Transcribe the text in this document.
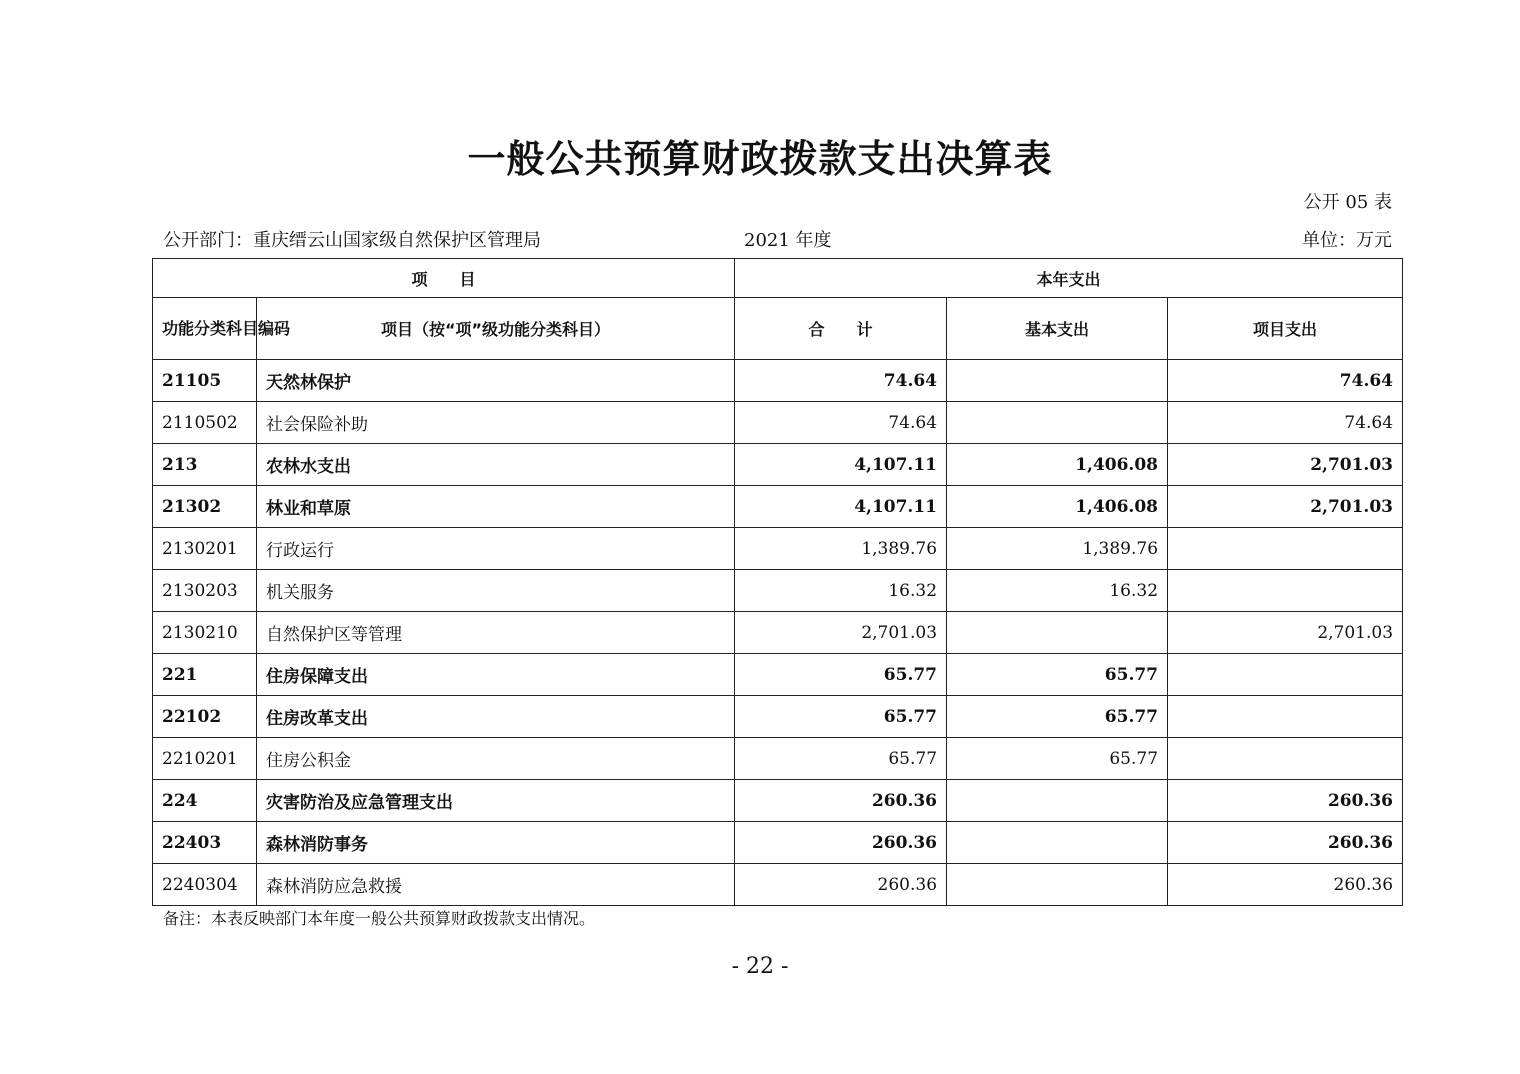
一般公共预算财政拨款支出决算表
公开 05 表
公开部门：重庆缙云山国家级自然保护区管理局	2021 年度	单位：万元
项　　目		本年支出		
功能分类科目编码	项目（按“项”级功能分类科目）	合　　计	基本支出	项目支出
21105	天然林保护	74.64		74.64
2110502	社会保险补助	74.64		74.64
213	农林水支出	4,107.11	1,406.08	2,701.03
21302	林业和草原	4,107.11	1,406.08	2,701.03
2130201	行政运行	1,389.76	1,389.76	
2130203	机关服务	16.32	16.32	
2130210	自然保护区等管理	2,701.03		2,701.03
221	住房保障支出	65.77	65.77	
22102	住房改革支出	65.77	65.77	
2210201	住房公积金	65.77	65.77	
224	灾害防治及应急管理支出	260.36		260.36
22403	森林消防事务	260.36		260.36
2240304	森林消防应急救援	260.36		260.36
备注：本表反映部门本年度一般公共预算财政拨款支出情况。
- 22 -
